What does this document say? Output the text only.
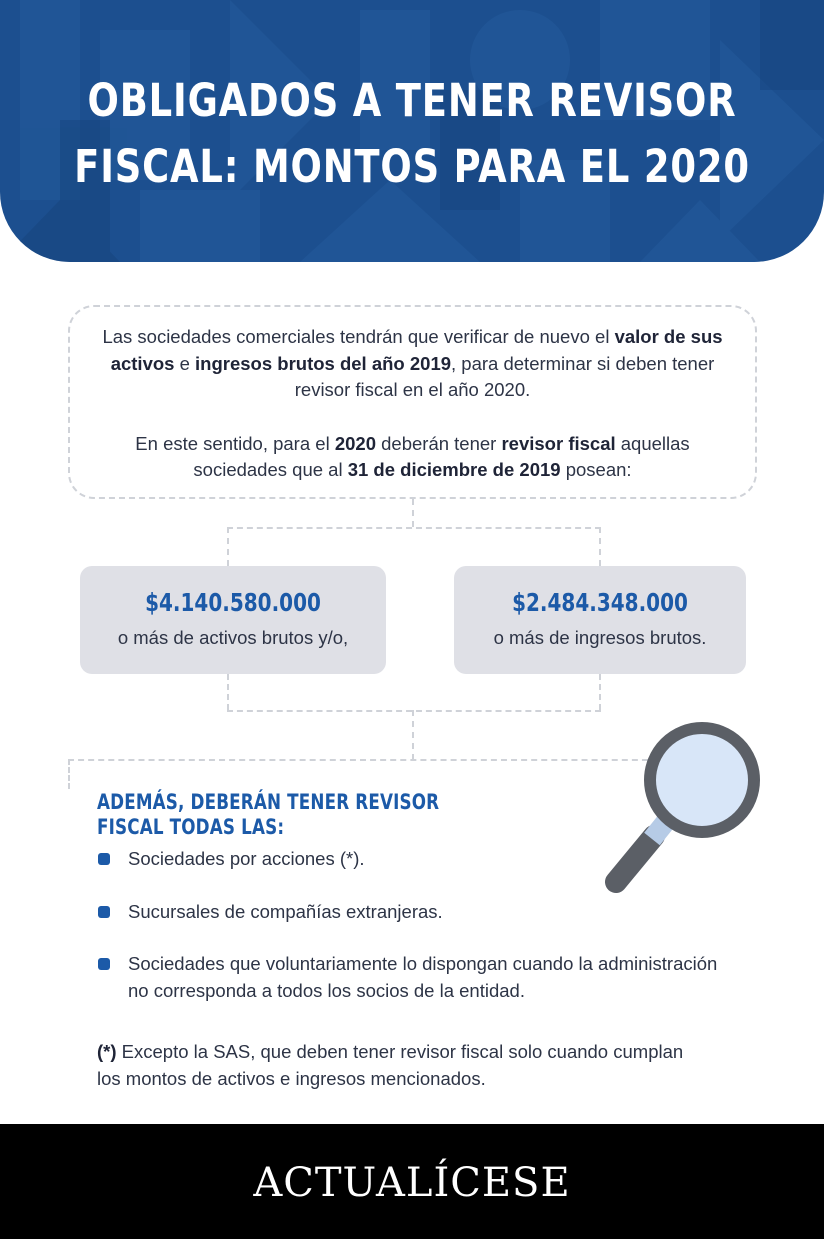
OBLIGADOS A TENER REVISOR
FISCAL: MONTOS PARA EL 2020

Las sociedades comerciales tendrán que verificar de nuevo el valor de sus activos e ingresos brutos del año 2019, para determinar si deben tener revisor fiscal en el año 2020.

En este sentido, para el 2020 deberán tener revisor fiscal aquellas sociedades que al 31 de diciembre de 2019 posean:

$4.140.580.000
o más de activos brutos y/o,
$2.484.348.000
o más de ingresos brutos.
ADEMÁS, DEBERÁN TENER REVISOR FISCAL TODAS LAS:
Sociedades por acciones (*).
Sucursales de compañías extranjeras.
Sociedades que voluntariamente lo dispongan cuando la administración no corresponda a todos los socios de la entidad.
(*) Excepto la SAS, que deben tener revisor fiscal solo cuando cumplan los montos de activos e ingresos mencionados.
ACTUALÍCESE
